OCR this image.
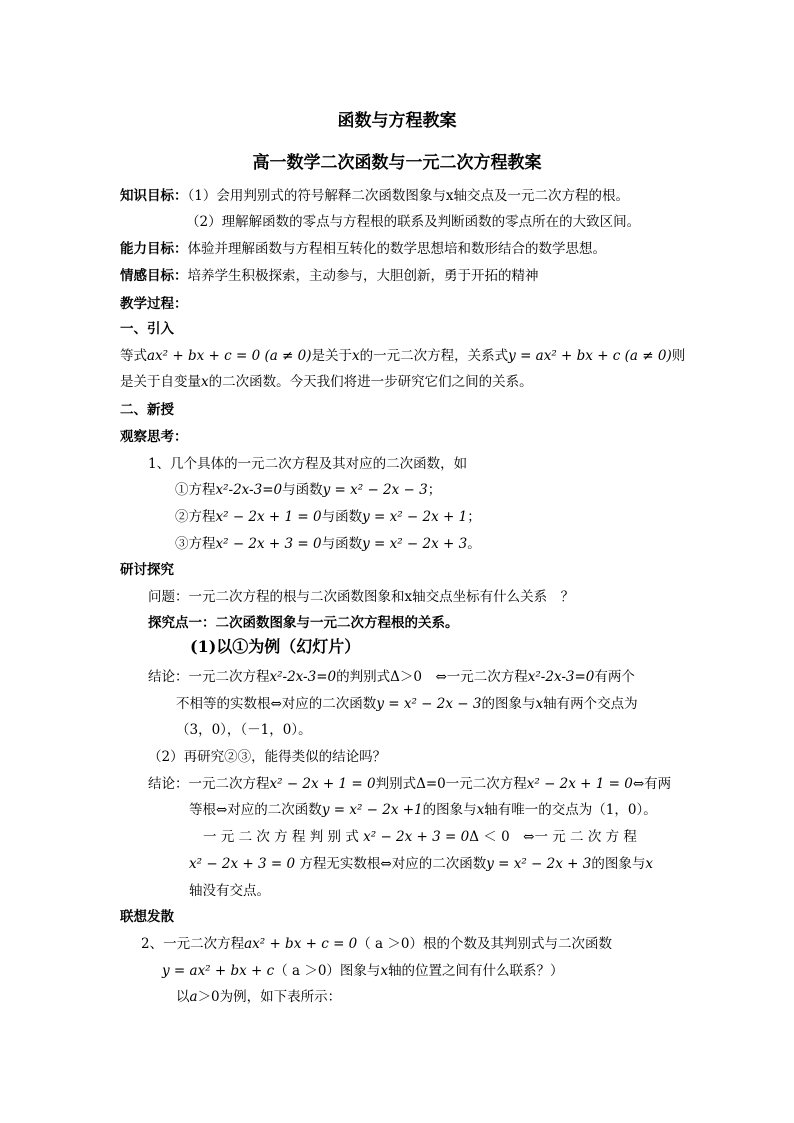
函数与方程教案
高一数学二次函数与一元二次方程教案
知识目标：（1）会用判别式的符号解释二次函数图象与x轴交点及一元二次方程的根。
（2）理解解函数的零点与方程根的联系及判断函数的零点所在的大致区间。
能力目标：体验并理解函数与方程相互转化的数学思想培和数形结合的数学思想。
情感目标：培养学生积极探索，主动参与，大胆创新，勇于开拓的精神
教学过程：
一、引入
等式ax² + bx + c = 0 (a ≠ 0)是关于x的一元二次方程，关系式y = ax² + bx + c (a ≠ 0)则
是关于自变量x的二次函数。今天我们将进一步研究它们之间的关系。
二、新授
观察思考：
1、几个具体的一元二次方程及其对应的二次函数，如
①方程x²-2x-3=0与函数y = x² − 2x − 3；
②方程x² − 2x + 1 = 0与函数y = x² − 2x + 1；
③方程x² − 2x + 3 = 0与函数y = x² − 2x + 3。
研讨探究
问题：一元二次方程的根与二次函数图象和x轴交点坐标有什么关系　？
探究点一：二次函数图象与一元二次方程根的关系。
(1)以①为例（幻灯片）
结论：一元二次方程x²-2x-3=0的判别式Δ＞0　⇔一元二次方程x²-2x-3=0有两个
不相等的实数根⇔对应的二次函数y = x² − 2x − 3的图象与x轴有两个交点为
（3，0），（－1，0）。
（2）再研究②③，能得类似的结论吗？
结论：一元二次方程x² − 2x + 1 = 0判别式Δ=0一元二次方程x² − 2x + 1 = 0⇔有两
等根⇔对应的二次函数y = x² − 2x +1的图象与x轴有唯一的交点为（1，0）。
一 元 二 次 方 程 判 别 式 x² − 2x + 3 = 0Δ ＜ 0　⇔一 元 二 次 方 程
x² − 2x + 3 = 0 方程无实数根⇔对应的二次函数y = x² − 2x + 3的图象与x
轴没有交点。
联想发散
2、一元二次方程ax² + bx + c = 0（ a ＞0）根的个数及其判别式与二次函数
y = ax² + bx + c（ a ＞0）图象与x轴的位置之间有什么联系？）
以a＞0为例，如下表所示：
